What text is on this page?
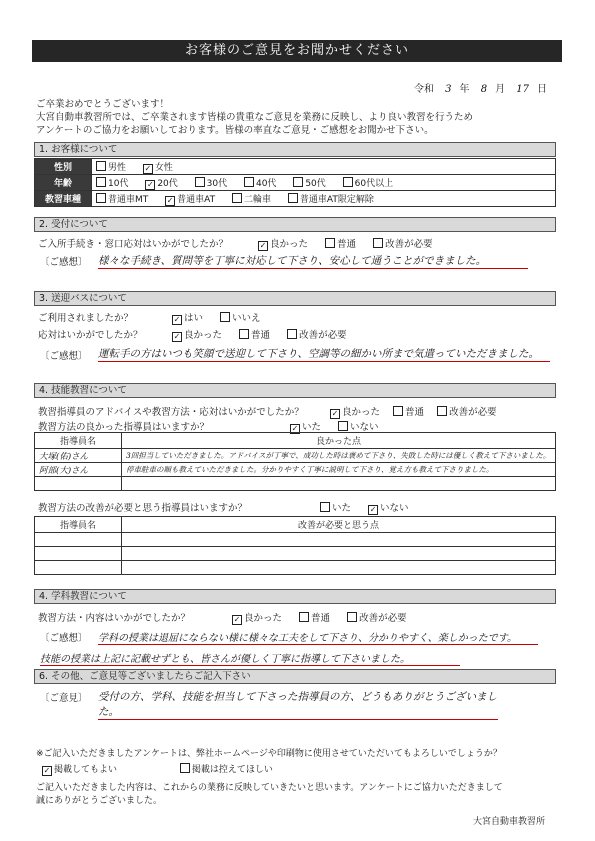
お客様のご意見をお聞かせください
令和 3 年 8 月 17 日
ご卒業おめでとうございます！
大宮自動車教習所では、ご卒業されます皆様の貴重なご意見を業務に反映し、より良い教習を行うため
アンケートのご協力をお願いしております。皆様の率直なご意見・ご感想をお聞かせ下さい。
1. お客様について
性別	男性 ✓ 女性
年齢	10代 ✓ 20代 30代 40代 50代 60代以上
教習車種	普通車MT ✓ 普通車AT 二輪車 普通車AT限定解除
2. 受付について
ご入所手続き・窓口応対はいかがでしたか？	✓ 良かった	普通	改善が必要
〔ご感想〕 様々な手続き、質問等を丁寧に対応して下さり、安心して通うことができました。
3. 送迎バスについて
ご利用されましたか？	✓ はい	いいえ
応対はいかがでしたか？	✓ 良かった	普通	改善が必要
〔ご感想〕 運転手の方はいつも笑顔で送迎して下さり、空調等の細かい所まで気遣っていただきました。
4. 技能教習について
教習指導員のアドバイスや教習方法・応対はいかがでしたか？	✓ 良かった	普通	改善が必要
教習方法の良かった指導員はいますか？	✓ いた	いない
指導員名	良かった点
大塚(佑)さん	3回担当していただきました。アドバイスが丁寧で、成功した時は褒めて下さり、失敗した時には優しく教えて下さいました。
阿部(大)さん	停車駐車の順も教えていただきました。分かりやすく丁寧に説明して下さり、覚え方も教えて下さりました。

教習方法の改善が必要と思う指導員はいますか？	いた ✓ いない
指導員名	改善が必要と思う点

4. 学科教習について
教習方法・内容はいかがでしたか？	✓ 良かった	普通	改善が必要
〔ご感想〕 学科の授業は退屈にならない様に様々な工夫をして下さり、分かりやすく、楽しかったです。
技能の授業は上記に記載せずとも、皆さんが優しく丁寧に指導して下さいました。
6. その他、ご意見等ございましたらご記入下さい
〔ご意見〕 受付の方、学科、技能を担当して下さった指導員の方、どうもありがとうございました。
※ご記入いただきましたアンケートは、弊社ホームページや印刷物に使用させていただいてもよろしいでしょうか？
✓ 掲載してもよい	掲載は控えてほしい
ご記入いただきました内容は、これからの業務に反映していきたいと思います。アンケートにご協力いただきまして
誠にありがとうございました。
大宮自動車教習所
